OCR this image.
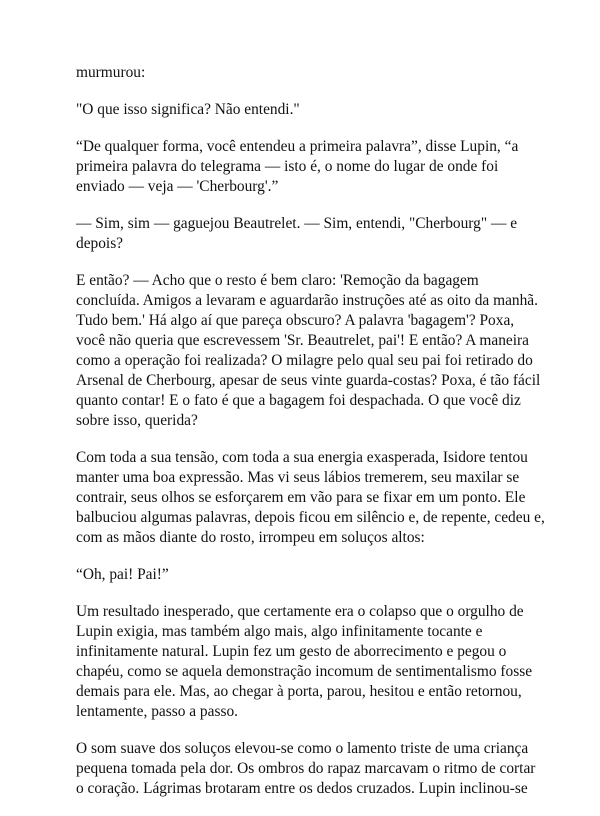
murmurou:

"O que isso significa? Não entendi."

“De qualquer forma, você entendeu a primeira palavra”, disse Lupin, “a
primeira palavra do telegrama — isto é, o nome do lugar de onde foi
enviado — veja — 'Cherbourg'.”

— Sim, sim — gaguejou Beautrelet. — Sim, entendi, "Cherbourg" — e
depois?

E então? — Acho que o resto é bem claro: 'Remoção da bagagem
concluída. Amigos a levaram e aguardarão instruções até as oito da manhã.
Tudo bem.' Há algo aí que pareça obscuro? A palavra 'bagagem'? Poxa,
você não queria que escrevessem 'Sr. Beautrelet, pai'! E então? A maneira
como a operação foi realizada? O milagre pelo qual seu pai foi retirado do
Arsenal de Cherbourg, apesar de seus vinte guarda-costas? Poxa, é tão fácil
quanto contar! E o fato é que a bagagem foi despachada. O que você diz
sobre isso, querida?

Com toda a sua tensão, com toda a sua energia exasperada, Isidore tentou
manter uma boa expressão. Mas vi seus lábios tremerem, seu maxilar se
contrair, seus olhos se esforçarem em vão para se fixar em um ponto. Ele
balbuciou algumas palavras, depois ficou em silêncio e, de repente, cedeu e,
com as mãos diante do rosto, irrompeu em soluços altos:

“Oh, pai! Pai!”

Um resultado inesperado, que certamente era o colapso que o orgulho de
Lupin exigia, mas também algo mais, algo infinitamente tocante e
infinitamente natural. Lupin fez um gesto de aborrecimento e pegou o
chapéu, como se aquela demonstração incomum de sentimentalismo fosse
demais para ele. Mas, ao chegar à porta, parou, hesitou e então retornou,
lentamente, passo a passo.

O som suave dos soluços elevou-se como o lamento triste de uma criança
pequena tomada pela dor. Os ombros do rapaz marcavam o ritmo de cortar
o coração. Lágrimas brotaram entre os dedos cruzados. Lupin inclinou-se
